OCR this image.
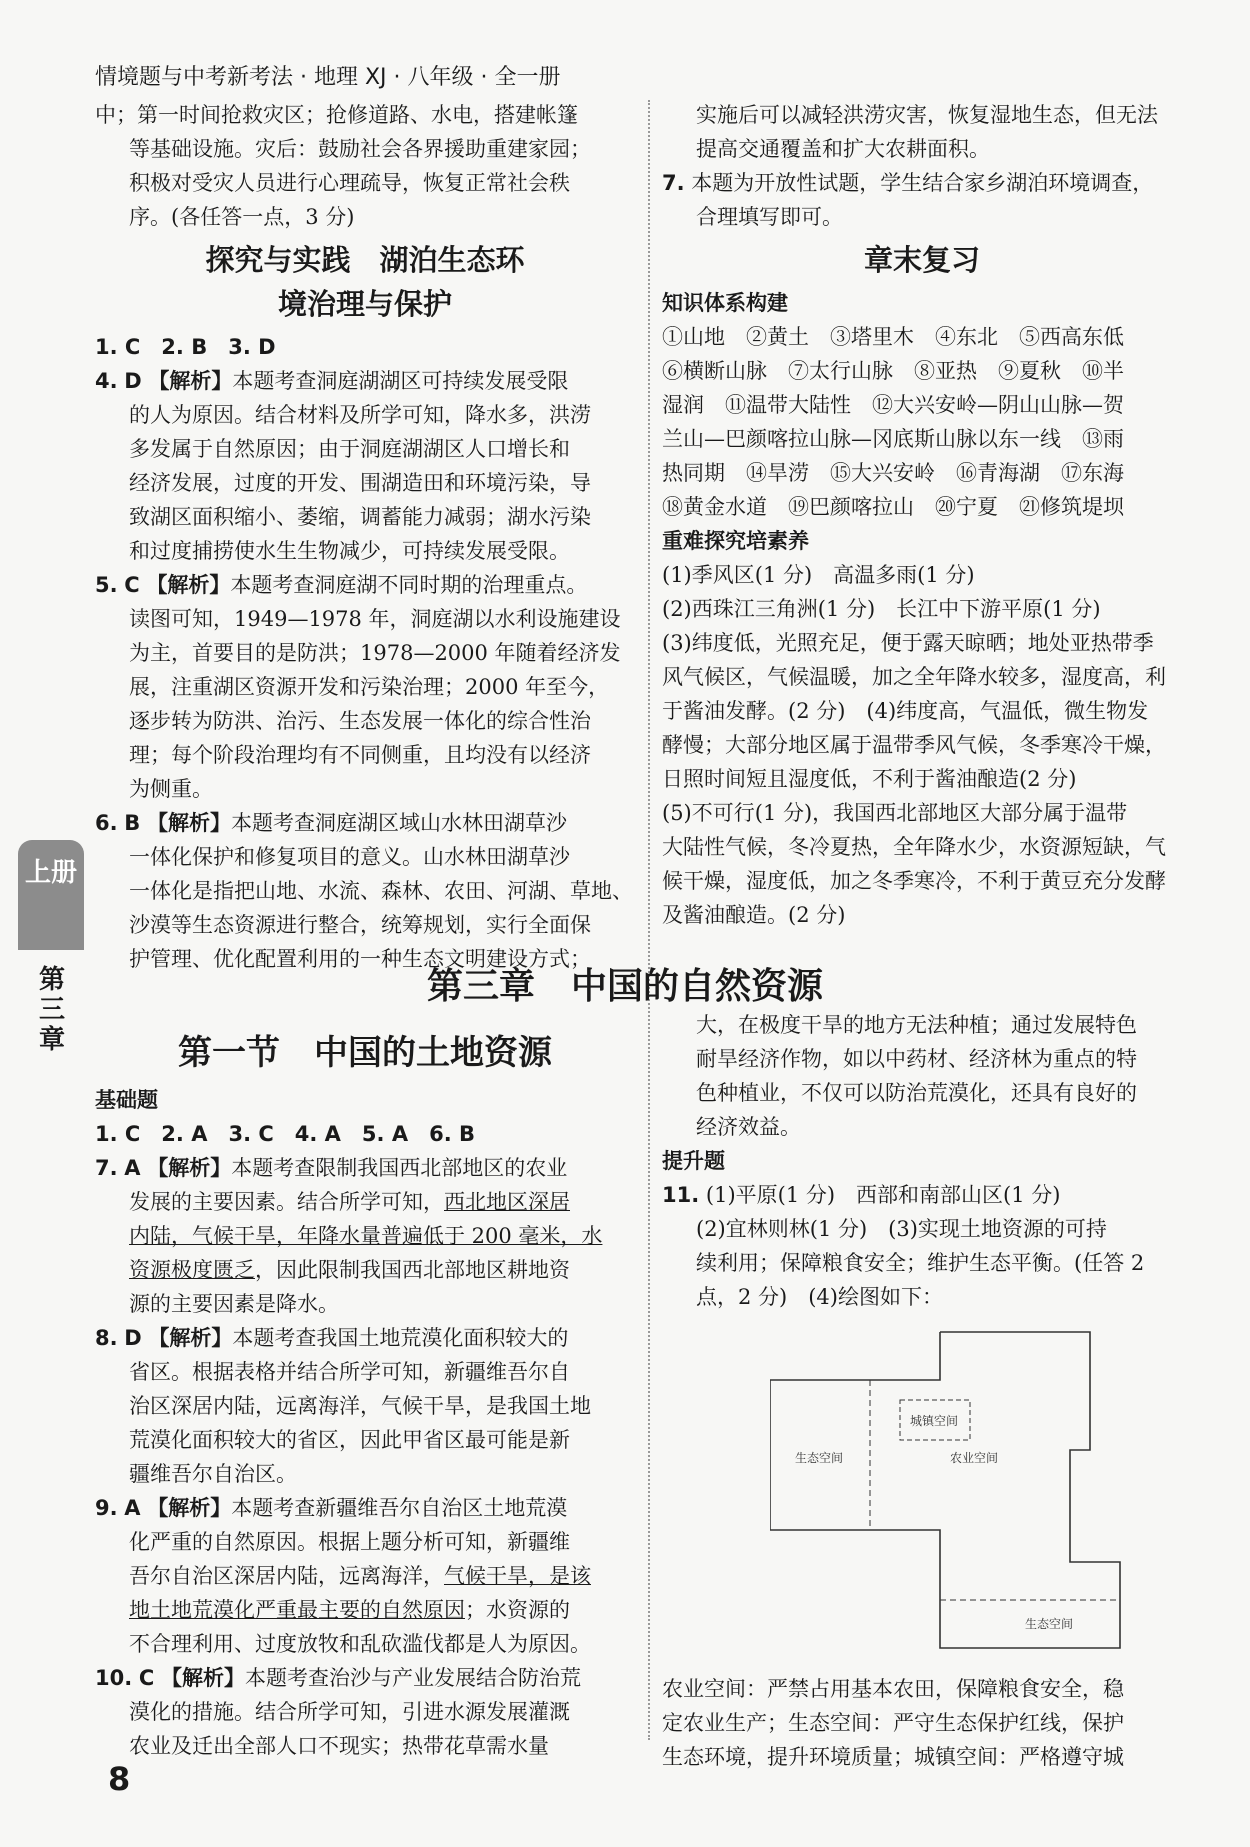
情境题与中考新考法 · 地理 XJ · 八年级 · 全一册

中；第一时间抢救灾区；抢修道路、水电，搭建帐篷

等基础设施。灾后：鼓励社会各界援助重建家园；

积极对受灾人员进行心理疏导，恢复正常社会秩

序。(各任答一点，3 分)

探究与实践　湖泊生态环
境治理与保护

1. C　2. B　3. D

4. D 【解析】本题考查洞庭湖湖区可持续发展受限

的人为原因。结合材料及所学可知，降水多，洪涝

多发属于自然原因；由于洞庭湖湖区人口增长和

经济发展，过度的开发、围湖造田和环境污染，导

致湖区面积缩小、萎缩，调蓄能力减弱；湖水污染

和过度捕捞使水生生物减少，可持续发展受限。

5. C 【解析】本题考查洞庭湖不同时期的治理重点。

读图可知，1949—1978 年，洞庭湖以水利设施建设

为主，首要目的是防洪；1978—2000 年随着经济发

展，注重湖区资源开发和污染治理；2000 年至今，

逐步转为防洪、治污、生态发展一体化的综合性治

理；每个阶段治理均有不同侧重，且均没有以经济

为侧重。

6. B 【解析】本题考查洞庭湖区域山水林田湖草沙

一体化保护和修复项目的意义。山水林田湖草沙

一体化是指把山地、水流、森林、农田、河湖、草地、

沙漠等生态资源进行整合，统筹规划，实行全面保

护管理、优化配置利用的一种生态文明建设方式；

实施后可以减轻洪涝灾害，恢复湿地生态，但无法

提高交通覆盖和扩大农耕面积。

7. 本题为开放性试题，学生结合家乡湖泊环境调查，

合理填写即可。

章末复习

知识体系构建

①山地　②黄土　③塔里木　④东北　⑤西高东低

⑥横断山脉　⑦太行山脉　⑧亚热　⑨夏秋　⑩半

湿润　⑪温带大陆性　⑫大兴安岭—阴山山脉—贺

兰山—巴颜喀拉山脉—冈底斯山脉以东一线　⑬雨

热同期　⑭旱涝　⑮大兴安岭　⑯青海湖　⑰东海

⑱黄金水道　⑲巴颜喀拉山　⑳宁夏　㉑修筑堤坝

重难探究培素养

(1)季风区(1 分)　高温多雨(1 分)

(2)西珠江三角洲(1 分)　长江中下游平原(1 分)

(3)纬度低，光照充足，便于露天晾晒；地处亚热带季

风气候区，气候温暖，加之全年降水较多，湿度高，利

于酱油发酵。(2 分)　(4)纬度高，气温低，微生物发

酵慢；大部分地区属于温带季风气候，冬季寒冷干燥，

日照时间短且湿度低，不利于酱油酿造(2 分)

(5)不可行(1 分)，我国西北部地区大部分属于温带

大陆性气候，冬冷夏热，全年降水少，水资源短缺，气

候干燥，湿度低，加之冬季寒冷，不利于黄豆充分发酵

及酱油酿造。(2 分)

第三章　中国的自然资源
第一节　中国的土地资源

基础题

1. C　2. A　3. C　4. A　5. A　6. B

7. A 【解析】本题考查限制我国西北部地区的农业

发展的主要因素。结合所学可知，西北地区深居

内陆，气候干旱，年降水量普遍低于 200 毫米，水

资源极度匮乏，因此限制我国西北部地区耕地资

源的主要因素是降水。

8. D 【解析】本题考查我国土地荒漠化面积较大的

省区。根据表格并结合所学可知，新疆维吾尔自

治区深居内陆，远离海洋，气候干旱，是我国土地

荒漠化面积较大的省区，因此甲省区最可能是新

疆维吾尔自治区。

9. A 【解析】本题考查新疆维吾尔自治区土地荒漠

化严重的自然原因。根据上题分析可知，新疆维

吾尔自治区深居内陆，远离海洋，气候干旱，是该

地土地荒漠化严重最主要的自然原因；水资源的

不合理利用、过度放牧和乱砍滥伐都是人为原因。

10. C 【解析】本题考查治沙与产业发展结合防治荒

漠化的措施。结合所学可知，引进水源发展灌溉

农业及迁出全部人口不现实；热带花草需水量

大，在极度干旱的地方无法种植；通过发展特色

耐旱经济作物，如以中药材、经济林为重点的特

色种植业，不仅可以防治荒漠化，还具有良好的

经济效益。

提升题

11. (1)平原(1 分)　西部和南部山区(1 分)

(2)宜林则林(1 分)　(3)实现土地资源的可持

续利用；保障粮食安全；维护生态平衡。(任答 2

点，2 分)　(4)绘图如下：

城镇空间
生态空间	农业空间
生态空间

农业空间：严禁占用基本农田，保障粮食安全，稳

定农业生产；生态空间：严守生态保护红线，保护

生态环境，提升环境质量；城镇空间：严格遵守城

上册
第三章
8
